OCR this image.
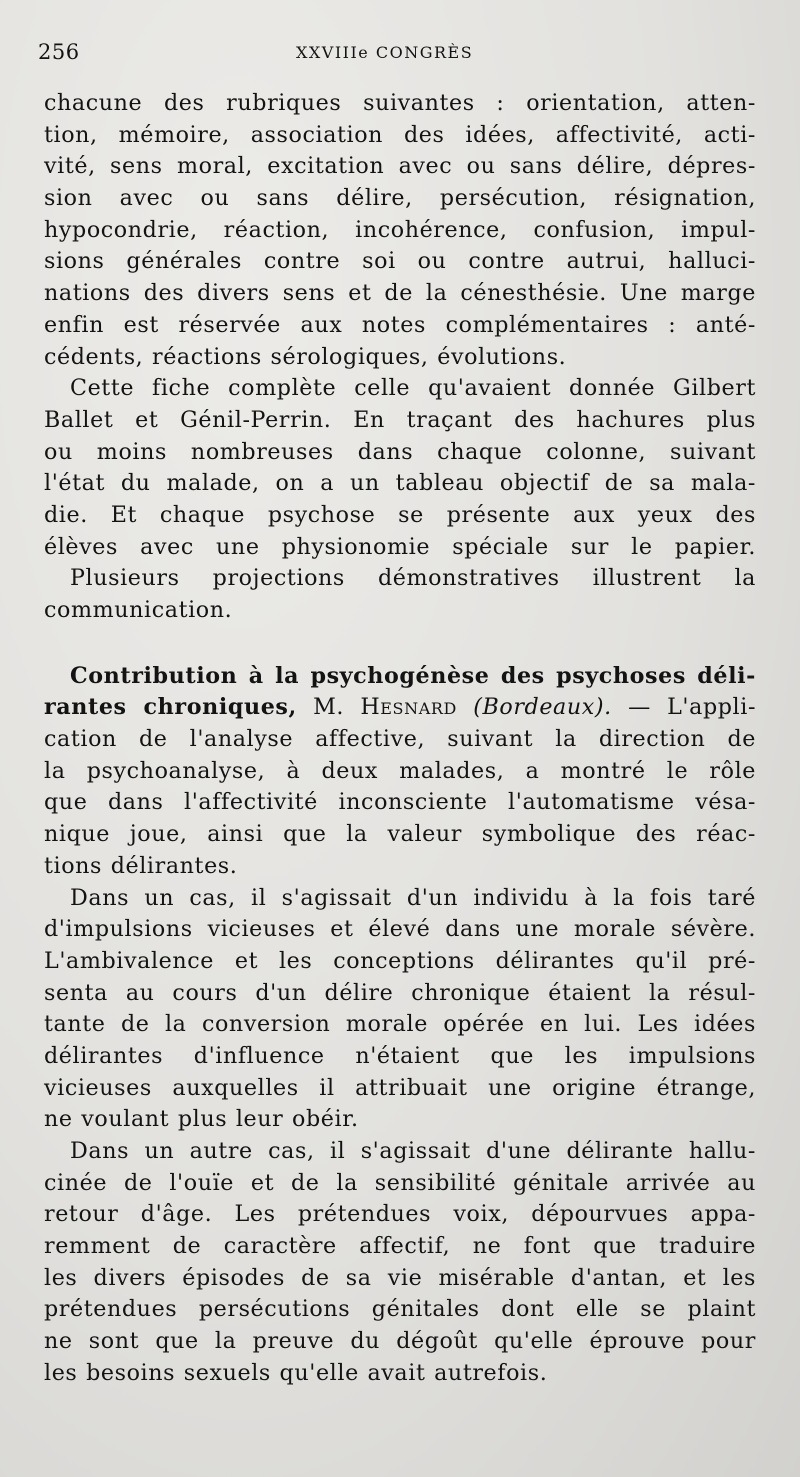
256	XXVIIIe CONGRÈS
chacune des rubriques suivantes : orientation, atten-
tion, mémoire, association des idées, affectivité, acti-
vité, sens moral, excitation avec ou sans délire, dépres-
sion avec ou sans délire, persécution, résignation,
hypocondrie, réaction, incohérence, confusion, impul-
sions générales contre soi ou contre autrui, halluci-
nations des divers sens et de la cénesthésie. Une marge
enfin est réservée aux notes complémentaires : anté-
cédents, réactions sérologiques, évolutions.
Cette fiche complète celle qu'avaient donnée Gilbert
Ballet et Génil-Perrin. En traçant des hachures plus
ou moins nombreuses dans chaque colonne, suivant
l'état du malade, on a un tableau objectif de sa mala-
die. Et chaque psychose se présente aux yeux des
élèves avec une physionomie spéciale sur le papier.
Plusieurs projections démonstratives illustrent la
communication.
Contribution à la psychogénèse des psychoses déli-
rantes chroniques, M. Hesnard (Bordeaux). — L'appli-
cation de l'analyse affective, suivant la direction de
la psychoanalyse, à deux malades, a montré le rôle
que dans l'affectivité inconsciente l'automatisme vésa-
nique joue, ainsi que la valeur symbolique des réac-
tions délirantes.
Dans un cas, il s'agissait d'un individu à la fois taré
d'impulsions vicieuses et élevé dans une morale sévère.
L'ambivalence et les conceptions délirantes qu'il pré-
senta au cours d'un délire chronique étaient la résul-
tante de la conversion morale opérée en lui. Les idées
délirantes d'influence n'étaient que les impulsions
vicieuses auxquelles il attribuait une origine étrange,
ne voulant plus leur obéir.
Dans un autre cas, il s'agissait d'une délirante hallu-
cinée de l'ouïe et de la sensibilité génitale arrivée au
retour d'âge. Les prétendues voix, dépourvues appa-
remment de caractère affectif, ne font que traduire
les divers épisodes de sa vie misérable d'antan, et les
prétendues persécutions génitales dont elle se plaint
ne sont que la preuve du dégoût qu'elle éprouve pour
les besoins sexuels qu'elle avait autrefois.
